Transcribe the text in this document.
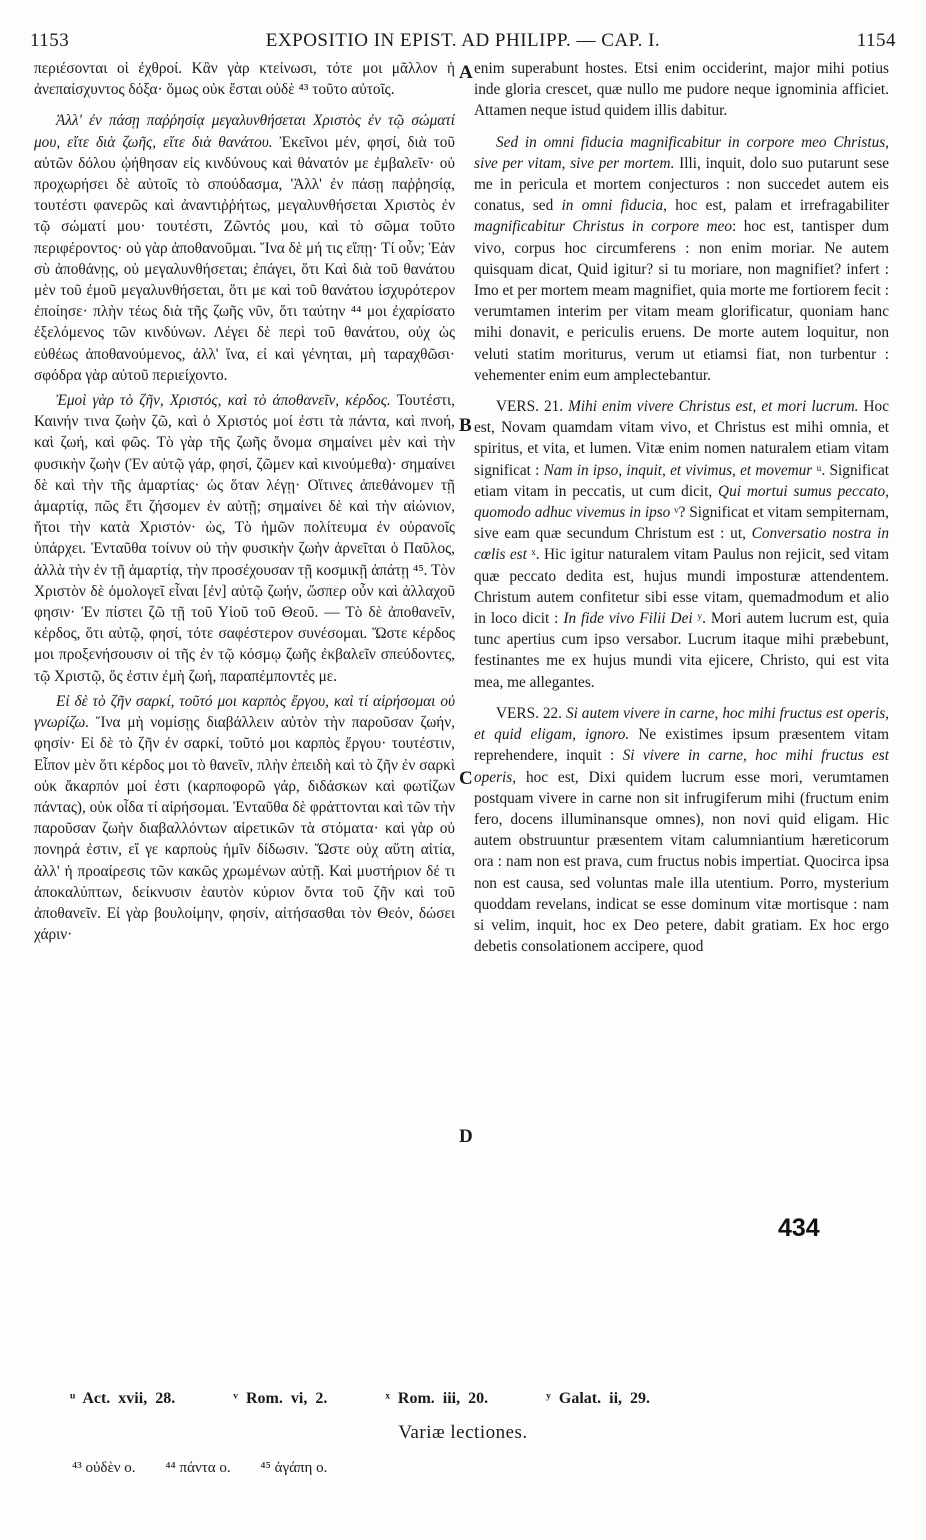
1153	EXPOSITIO IN EPIST. AD PHILIPP. — CAP. I.	1154

περιέσονται οἱ ἐχθροί. Κἂν γὰρ κτείνωσι, τότε μοι μᾶλλον ἡ ἀνεπαίσχυντος δόξα· ὅμως οὐκ ἔσται οὐδὲ ⁴³ τοῦτο αὐτοῖς.

Ἀλλ' ἐν πάσῃ παῤῥησίᾳ μεγαλυνθήσεται Χριστὸς ἐν τῷ σώματί μου, εἴτε διὰ ζωῆς, εἴτε διὰ θανάτου. Ἐκεῖνοι μέν, φησί, διὰ τοῦ αὐτῶν δόλου ᾠήθησαν εἰς κινδύνους καὶ θάνατόν με ἐμβαλεῖν· οὐ προχωρήσει δὲ αὐτοῖς τὸ σπούδασμα, 'Ἀλλ' ἐν πάσῃ παῤῥησίᾳ, τουτέστι φανερῶς καὶ ἀναντιῤῥήτως, μεγαλυνθήσεται Χριστὸς ἐν τῷ σώματί μου· τουτέστι, Ζῶντός μου, καὶ τὸ σῶμα τοῦτο περιφέροντος· οὐ γὰρ ἀποθανοῦμαι. Ἵνα δὲ μή τις εἴπῃ· Τί οὖν; Ἐὰν σὺ ἀποθάνῃς, οὐ μεγαλυνθήσεται; ἐπάγει, ὅτι Καὶ διὰ τοῦ θανάτου μὲν τοῦ ἐμοῦ μεγαλυνθήσεται, ὅτι με καὶ τοῦ θανάτου ἰσχυρότερον ἐποίησε· πλὴν τέως διὰ τῆς ζωῆς νῦν, ὅτι ταύτην ⁴⁴ μοι ἐχαρίσατο ἐξελόμενος τῶν κινδύνων. Λέγει δὲ περὶ τοῦ θανάτου, οὐχ ὡς εὐθέως ἀποθανούμενος, ἀλλ' ἵνα, εἰ καὶ γένηται, μὴ ταραχθῶσι· σφόδρα γὰρ αὐτοῦ περιείχοντο.

Ἐμοὶ γὰρ τὸ ζῆν, Χριστός, καὶ τὸ ἀποθανεῖν, κέρδος. Τουτέστι, Καινήν τινα ζωὴν ζῶ, καὶ ὁ Χριστός μοί ἐστι τὰ πάντα, καὶ πνοή, καὶ ζωή, καὶ φῶς. Τὸ γὰρ τῆς ζωῆς ὄνομα σημαίνει μὲν καὶ τὴν φυσικὴν ζωὴν (Ἐν αὐτῷ γάρ, φησί, ζῶμεν καὶ κινούμεθα)· σημαίνει δὲ καὶ τὴν τῆς ἁμαρτίας· ὡς ὅταν λέγῃ· Οἵτινες ἀπεθάνομεν τῇ ἁμαρτίᾳ, πῶς ἔτι ζήσομεν ἐν αὐτῇ; σημαίνει δὲ καὶ τὴν αἰώνιον, ἤτοι τὴν κατὰ Χριστόν· ὡς, Τὸ ἡμῶν πολίτευμα ἐν οὐρανοῖς ὑπάρχει. Ἐνταῦθα τοίνυν οὐ τὴν φυσικὴν ζωὴν ἀρνεῖται ὁ Παῦλος, ἀλλὰ τὴν ἐν τῇ ἁμαρτίᾳ, τὴν προσέχουσαν τῇ κοσμικῇ ἀπάτῃ ⁴⁵. Τὸν Χριστὸν δὲ ὁμολογεῖ εἶναι [ἐν] αὐτῷ ζωήν, ὥσπερ οὖν καὶ ἀλλαχοῦ φησιν· Ἐν πίστει ζῶ τῇ τοῦ Υἱοῦ τοῦ Θεοῦ. — Τὸ δὲ ἀποθανεῖν, κέρδος, ὅτι αὐτῷ, φησί, τότε σαφέστερον συνέσομαι. Ὥστε κέρδος μοι προξενήσουσιν οἱ τῆς ἐν τῷ κόσμῳ ζωῆς ἐκβαλεῖν σπεύδοντες, τῷ Χριστῷ, ὅς ἐστιν ἐμὴ ζωή, παραπέμποντές με.

Εἰ δὲ τὸ ζῆν σαρκί, τοῦτό μοι καρπὸς ἔργου, καὶ τί αἱρήσομαι οὐ γνωρίζω. Ἵνα μὴ νομίσῃς διαβάλλειν αὐτὸν τὴν παροῦσαν ζωήν, φησίν· Εἰ δὲ τὸ ζῆν ἐν σαρκί, τοῦτό μοι καρπὸς ἔργου· τουτέστιν, Εἶπον μὲν ὅτι κέρδος μοι τὸ θανεῖν, πλὴν ἐπειδὴ καὶ τὸ ζῆν ἐν σαρκὶ οὐκ ἄκαρπόν μοί ἐστι (καρποφορῶ γάρ, διδάσκων καὶ φωτίζων πάντας), οὐκ οἶδα τί αἱρήσομαι. Ἐνταῦθα δὲ φράττονται καὶ τῶν τὴν παροῦσαν ζωὴν διαβαλλόντων αἱρετικῶν τὰ στόματα· καὶ γὰρ οὐ πονηρά ἐστιν, εἴ γε καρποὺς ἡμῖν δίδωσιν. Ὥστε οὐχ αὕτη αἰτία, ἀλλ' ἡ προαίρεσις τῶν κακῶς χρωμένων αὐτῇ. Καὶ μυστήριον δέ τι ἀποκαλύπτων, δείκνυσιν ἑαυτὸν κύριον ὄντα τοῦ ζῆν καὶ τοῦ ἀποθανεῖν. Εἰ γὰρ βουλοίμην, φησίν, αἰτήσασθαι τὸν Θεόν, δώσει χάριν·

enim superabunt hostes. Etsi enim occiderint, major mihi potius inde gloria crescet, quæ nullo me pudore neque ignominia afficiet. Attamen neque istud quidem illis dabitur.

Sed in omni fiducia magnificabitur in corpore meo Christus, sive per vitam, sive per mortem. Illi, inquit, dolo suo putarunt sese me in pericula et mortem conjecturos : non succedet autem eis conatus, sed in omni fiducia, hoc est, palam et irrefragabiliter magnificabitur Christus in corpore meo: hoc est, tantisper dum vivo, corpus hoc circumferens : non enim moriar. Ne autem quisquam dicat, Quid igitur? si tu moriare, non magnifiet? infert : Imo et per mortem meam magnifiet, quia morte me fortiorem fecit : verumtamen interim per vitam meam glorificatur, quoniam hanc mihi donavit, e periculis eruens. De morte autem loquitur, non veluti statim moriturus, verum ut etiamsi fiat, non turbentur : vehementer enim eum amplectebantur.

VERS. 21. Mihi enim vivere Christus est, et mori lucrum. Hoc est, Novam quamdam vitam vivo, et Christus est mihi omnia, et spiritus, et vita, et lumen. Vitæ enim nomen naturalem etiam vitam significat : Nam in ipso, inquit, et vivimus, et movemur ᵘ. Significat etiam vitam in peccatis, ut cum dicit, Qui mortui sumus peccato, quomodo adhuc vivemus in ipso ᵛ? Significat et vitam sempiternam, sive eam quæ secundum Christum est : ut, Conversatio nostra in cœlis est ˣ. Hic igitur naturalem vitam Paulus non rejicit, sed vitam quæ peccato dedita est, hujus mundi imposturæ attendentem. Christum autem confitetur sibi esse vitam, quemadmodum et alio in loco dicit : In fide vivo Filii Dei ʸ. Mori autem lucrum est, quia tunc apertius cum ipso versabor. Lucrum itaque mihi præbebunt, festinantes me ex hujus mundi vita ejicere, Christo, qui est vita mea, me allegantes.

VERS. 22. Si autem vivere in carne, hoc mihi fructus est operis, et quid eligam, ignoro. Ne existimes ipsum præsentem vitam reprehendere, inquit : Si vivere in carne, hoc mihi fructus est operis, hoc est, Dixi quidem lucrum esse mori, verumtamen postquam vivere in carne non sit infrugiferum mihi (fructum enim fero, docens illuminansque omnes), non novi quid eligam. Hic autem obstruuntur præsentem vitam calumniantium hæreticorum ora : nam non est prava, cum fructus nobis impertiat. Quocirca ipsa non est causa, sed voluntas male illa utentium. Porro, mysterium quoddam revelans, indicat se esse dominum vitæ mortisque : nam si velim, inquit, hoc ex Deo petere, dabit gratiam. Ex hoc ergo debetis consolationem accipere, quod

A
B
C
D
434
ᵘ Act. xvii, 28.	ᵛ Rom. vi, 2.	ˣ Rom. iii, 20.	ʸ Galat. ii, 29.
Variæ lectiones.
⁴³ οὐδὲν ο. ⁴⁴ πάντα ο. ⁴⁵ ἀγάπη ο.
